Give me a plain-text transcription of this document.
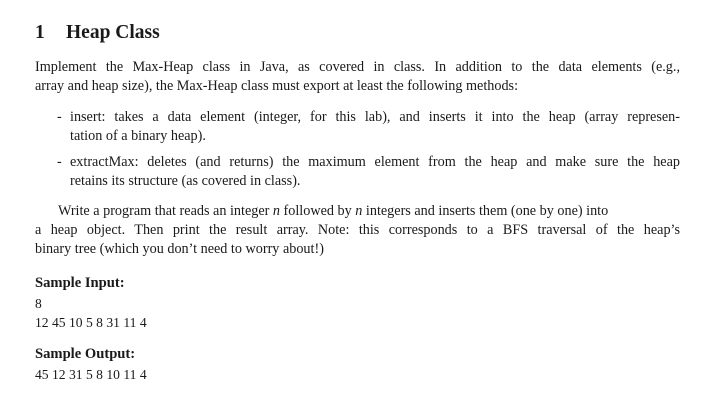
1 Heap Class
Implement the Max-Heap class in Java, as covered in class. In addition to the data elements (e.g.,
array and heap size), the Max-Heap class must export at least the following methods:
- insert: takes a data element (integer, for this lab), and inserts it into the heap (array represen-
tation of a binary heap).
- extractMax: deletes (and returns) the maximum element from the heap and make sure the heap
retains its structure (as covered in class).
Write a program that reads an integer n followed by n integers and inserts them (one by one) into
a heap object. Then print the result array. Note: this corresponds to a BFS traversal of the heap’s
binary tree (which you don’t need to worry about!)
Sample Input:
8
12 45 10 5 8 31 11 4
Sample Output:
45 12 31 5 8 10 11 4
